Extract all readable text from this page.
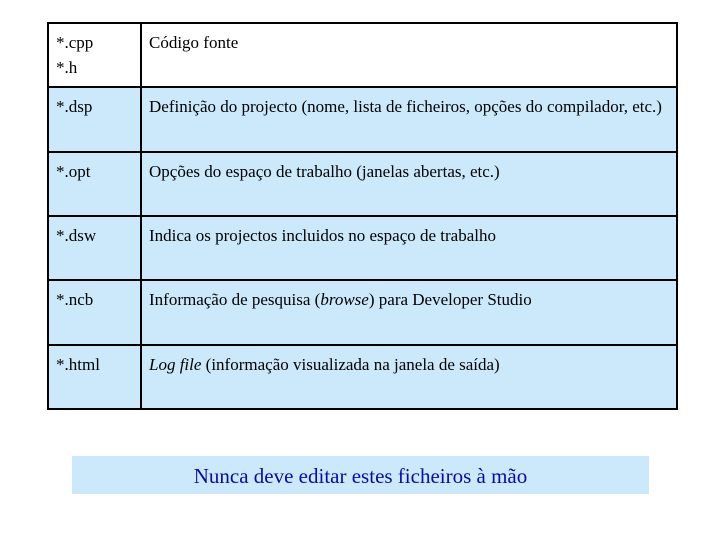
*.cpp
*.h	Código fonte

*.dsp	Definição do projecto (nome, lista de ficheiros, opções do compilador, etc.)

*.opt	Opções do espaço de trabalho (janelas abertas, etc.)

*.dsw	Indica os projectos incluidos no espaço de trabalho

*.ncb	Informação de pesquisa (browse) para Developer Studio

*.html	Log file (informação visualizada na janela de saída)
Nunca deve editar estes ficheiros à mão
